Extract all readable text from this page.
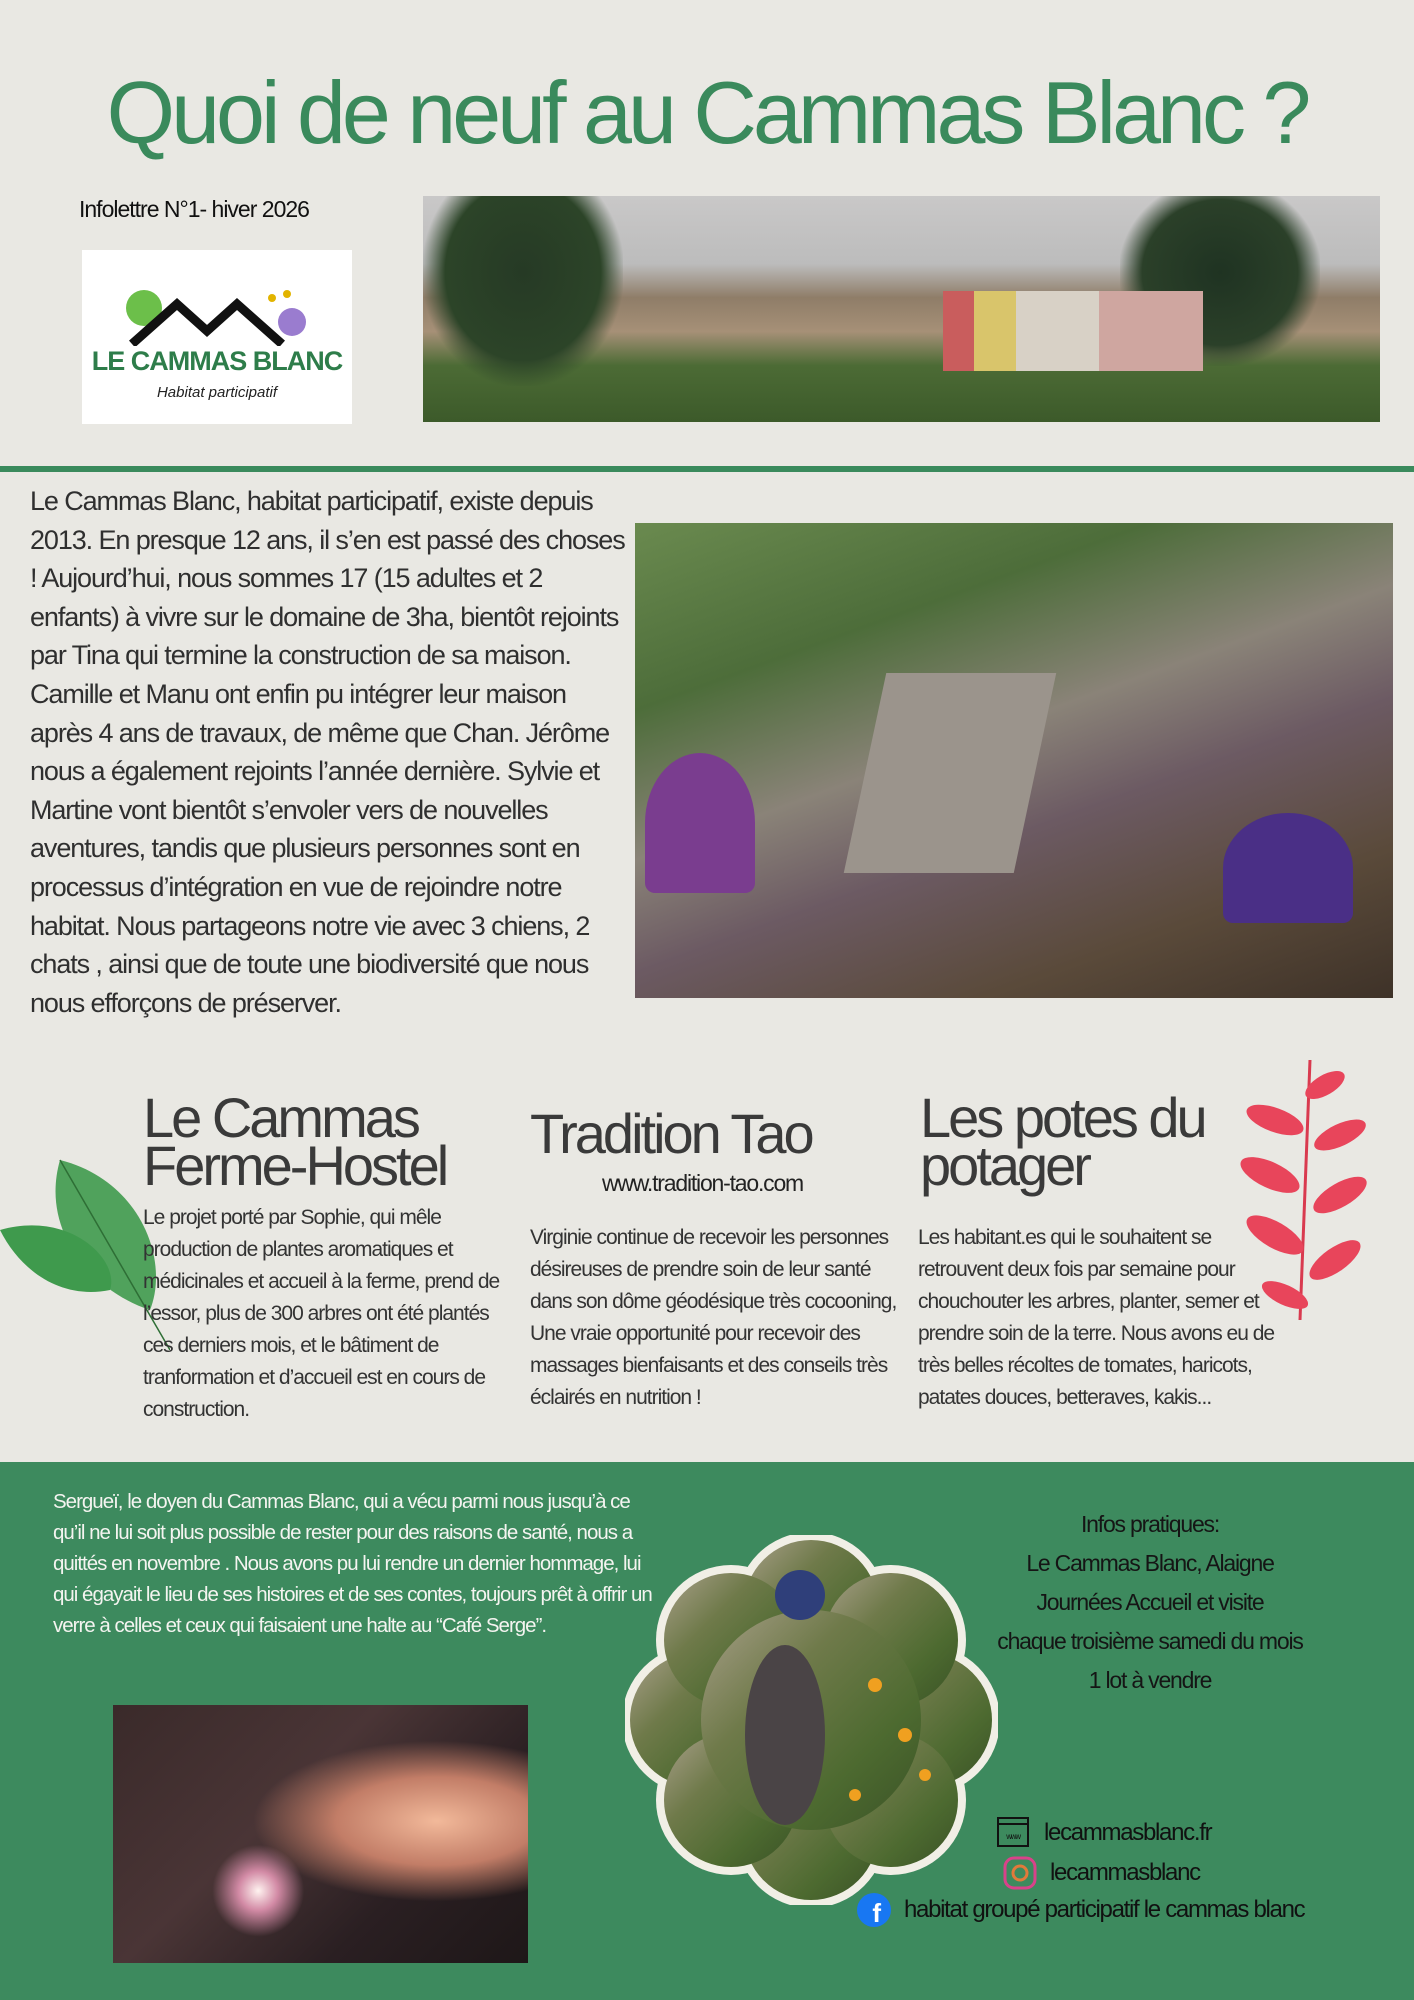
Quoi de neuf au Cammas Blanc ?
Infolettre N°1- hiver 2026
LE CAMMAS BLANC
Habitat participatif
Le Cammas Blanc, habitat participatif, existe depuis 2013. En presque 12 ans, il s’en est passé des choses ! Aujourd’hui, nous sommes 17 (15 adultes et 2 enfants) à vivre sur le domaine de 3ha, bientôt rejoints par Tina qui termine la construction de sa maison. Camille et Manu ont enfin pu intégrer leur maison après 4 ans de travaux, de même que Chan. Jérôme nous a également rejoints l’année dernière. Sylvie et Martine vont bientôt s’envoler vers de nouvelles aventures, tandis que plusieurs personnes sont en processus d’intégration en vue de rejoindre notre habitat. Nous partageons notre vie avec 3 chiens, 2 chats , ainsi que de toute une biodiversité que nous nous efforçons de préserver.
Le Cammas Ferme-Hostel
Tradition Tao	Les potes du potager
www.tradition-tao.com
Le projet porté par Sophie, qui mêle production de plantes aromatiques et médicinales et accueil à la ferme, prend de l’essor, plus de 300 arbres ont été plantés ces derniers mois, et le bâtiment de tranformation et d’accueil est en cours de construction.
Virginie continue de recevoir les personnes désireuses de prendre soin de leur santé dans son dôme géodésique très cocooning, Une vraie opportunité pour recevoir des massages bienfaisants et des conseils très éclairés en nutrition !
Les habitant.es qui le souhaitent se retrouvent deux fois par semaine pour chouchouter les arbres, planter, semer et prendre soin de la terre. Nous avons eu de très belles récoltes de tomates, haricots, patates douces, betteraves, kakis...
Sergueï, le doyen du Cammas Blanc, qui a vécu parmi nous jusqu’à ce qu’il ne lui soit plus possible de rester pour des raisons de santé, nous a quittés en novembre . Nous avons pu lui rendre un dernier hommage, lui qui égayait le lieu de ses histoires et de ses contes, toujours prêt à offrir un verre à celles et ceux qui faisaient une halte au “Café Serge”.
Infos pratiques:
Le Cammas Blanc, Alaigne
Journées Accueil et visite
chaque troisième samedi du mois
1 lot à vendre
www lecammasblanc.fr
lecammasblanc
f habitat groupé participatif le cammas blanc
